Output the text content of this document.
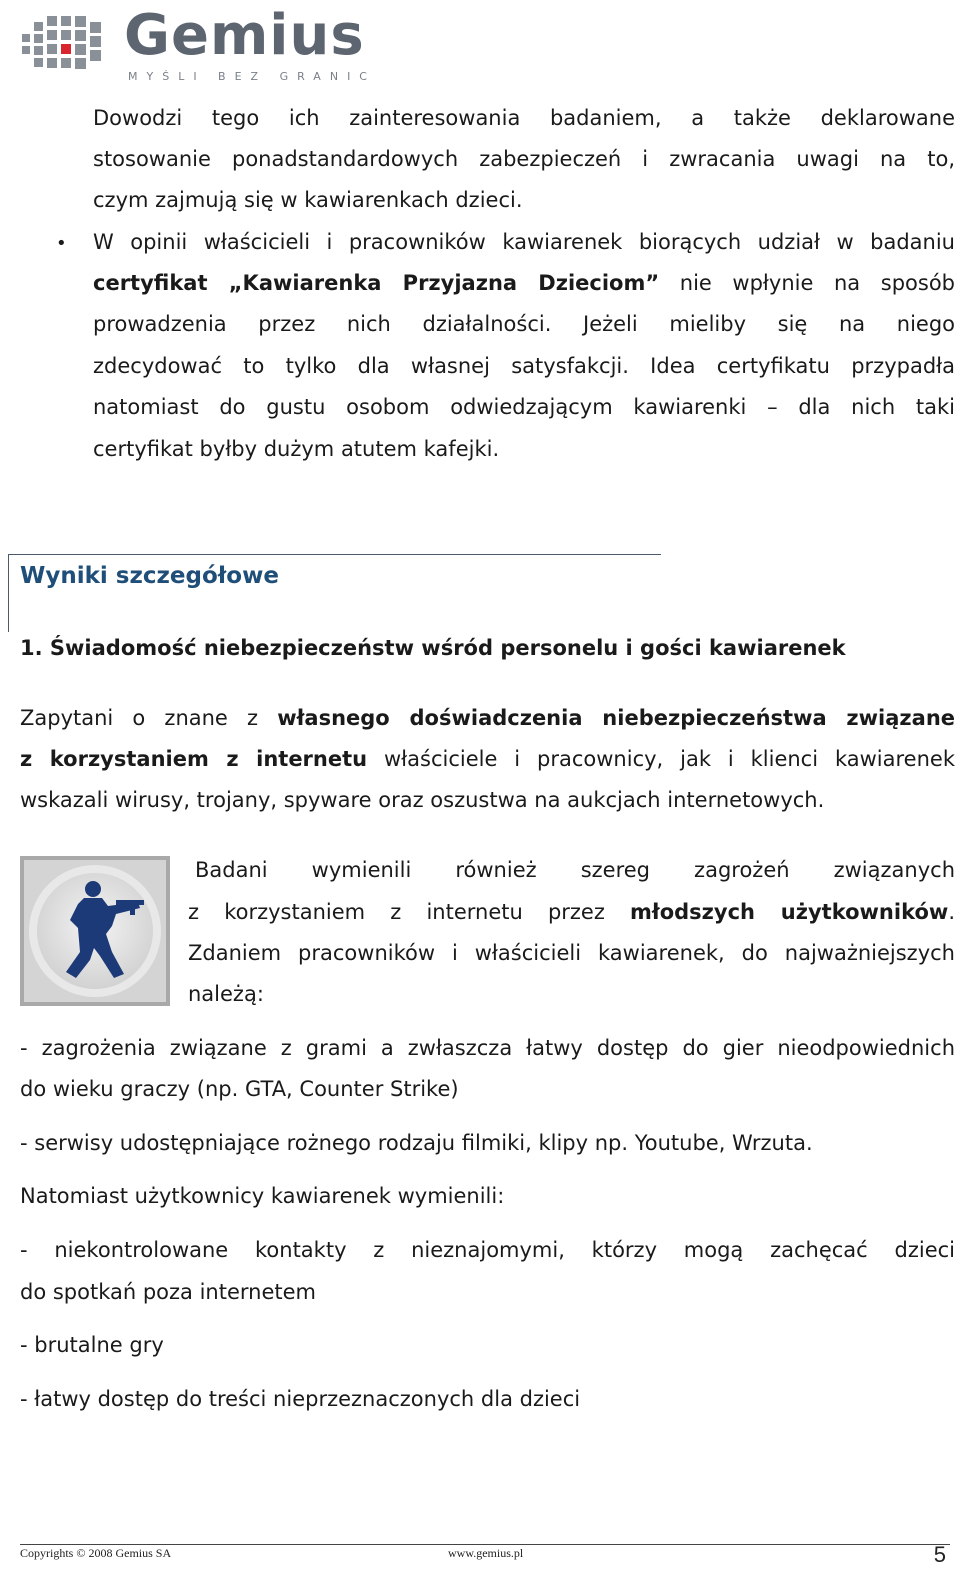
Gemius
MYŚLI BEZ GRANIC

Dowodzi tego ich zainteresowania badaniem, a także deklarowane

stosowanie ponadstandardowych zabezpieczeń i zwracania uwagi na to,

czym zajmują się w kawiarenkach dzieci.

• W opinii właścicieli i pracowników kawiarenek biorących udział w badaniu

certyfikat „Kawiarenka Przyjazna Dzieciom” nie wpłynie na sposób

prowadzenia przez nich działalności. Jeżeli mieliby się na niego

zdecydować to tylko dla własnej satysfakcji. Idea certyfikatu przypadła

natomiast do gustu osobom odwiedzającym kawiarenki – dla nich taki

certyfikat byłby dużym atutem kafejki.

Wyniki szczegółowe
1. Świadomość niebezpieczeństw wśród personelu i gości kawiarenek

Zapytani o znane z własnego doświadczenia niebezpieczeństwa związane

z korzystaniem z internetu właściciele i pracownicy, jak i klienci kawiarenek

wskazali wirusy, trojany, spyware oraz oszustwa na aukcjach internetowych.

Badani wymienili również szereg zagrożeń związanych

z korzystaniem z internetu przez młodszych użytkowników.

Zdaniem pracowników i właścicieli kawiarenek, do najważniejszych

należą:

- zagrożenia związane z grami a zwłaszcza łatwy dostęp do gier nieodpowiednich

do wieku graczy (np. GTA, Counter Strike)

- serwisy udostępniające rożnego rodzaju filmiki, klipy np. Youtube, Wrzuta.

Natomiast użytkownicy kawiarenek wymienili:

- niekontrolowane kontakty z nieznajomymi, którzy mogą zachęcać dzieci

do spotkań poza internetem

- brutalne gry

- łatwy dostęp do treści nieprzeznaczonych dla dzieci

Copyrights © 2008 Gemius SA	www.gemius.pl	5
